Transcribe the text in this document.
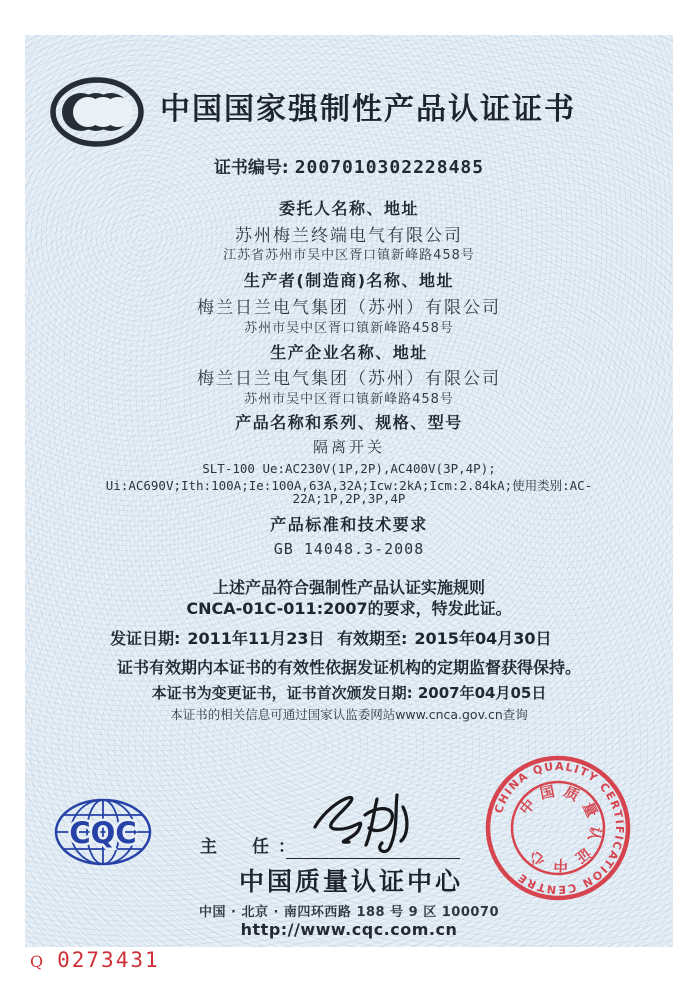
中国国家强制性产品认证证书
证书编号: 2007010302228485
委托人名称、地址
苏州梅兰终端电气有限公司
江苏省苏州市吴中区胥口镇新峰路458号
生产者(制造商)名称、地址
梅兰日兰电气集团（苏州）有限公司
苏州市吴中区胥口镇新峰路458号
生产企业名称、地址
梅兰日兰电气集团（苏州）有限公司
苏州市吴中区胥口镇新峰路458号
产品名称和系列、规格、型号
隔离开关
SLT-100 Ue:AC230V(1P,2P),AC400V(3P,4P);
Ui:AC690V;Ith:100A;Ie:100A,63A,32A;Icw:2kA;Icm:2.84kA;使用类别:AC-
22A;1P,2P,3P,4P
产品标准和技术要求
GB 14048.3-2008
上述产品符合强制性产品认证实施规则
CNCA-01C-011:2007的要求，特发此证。
发证日期: 2011年11月23日 有效期至: 2015年04月30日
证书有效期内本证书的有效性依据发证机构的定期监督获得保持。
本证书为变更证书，证书首次颁发日期: 2007年04月05日
本证书的相关信息可通过国家认监委网站www.cnca.gov.cn查询
CQC	主　任：
中国质量认证中心
中国 · 北京 · 南四环西路 188 号 9 区 100070
http://www.cqc.com.cn
CHINA QUALITY CERTIFICATION CENTRE
中国质量认证中心
Q 0273431
